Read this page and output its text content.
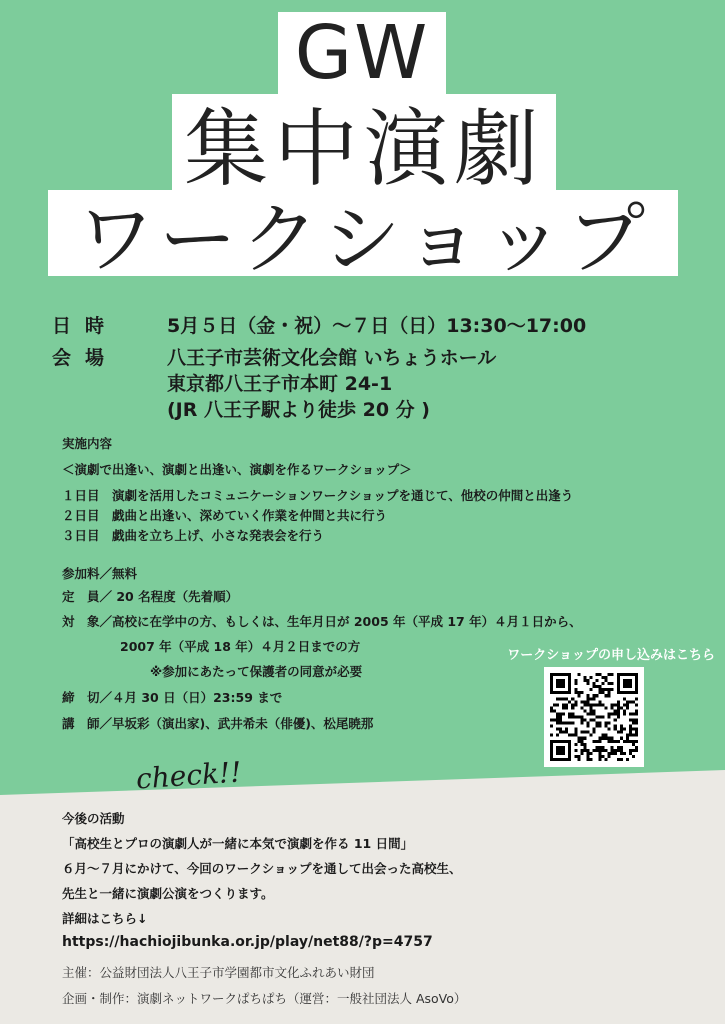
GW
集中演劇
ワークショップ
日時	5月５日（金・祝）～７日（日）13:30～17:00
会場	八王子市芸術文化会館 いちょうホール
東京都八王子市本町 24-1
(JR 八王子駅より徒歩 20 分 )
実施内容
＜演劇で出逢い、演劇と出逢い、演劇を作るワークショップ＞
１日目　演劇を活用したコミュニケーションワークショップを通じて、他校の仲間と出逢う
２日目　戯曲と出逢い、深めていく作業を仲間と共に行う
３日目　戯曲を立ち上げ、小さな発表会を行う
参加料／無料
定　員／ 20 名程度（先着順）
対　象／高校に在学中の方、もしくは、生年月日が 2005 年（平成 17 年）４月１日から、
2007 年（平成 18 年）４月２日までの方
※参加にあたって保護者の同意が必要
締　切／４月 30 日（日）23:59 まで
講　師／早坂彩（演出家)、武井希未（俳優)、松尾暁那
ワークショップの申し込みはこちら
check!!
今後の活動
「高校生とプロの演劇人が一緒に本気で演劇を作る 11 日間」
６月～７月にかけて、今回のワークショップを通して出会った高校生、
先生と一緒に演劇公演をつくります。
詳細はこちら↓
https://hachiojibunka.or.jp/play/net88/?p=4757
主催：公益財団法人八王子市学園都市文化ふれあい財団
企画・制作：演劇ネットワークぱちぱち（運営：一般社団法人 AsoVo）
